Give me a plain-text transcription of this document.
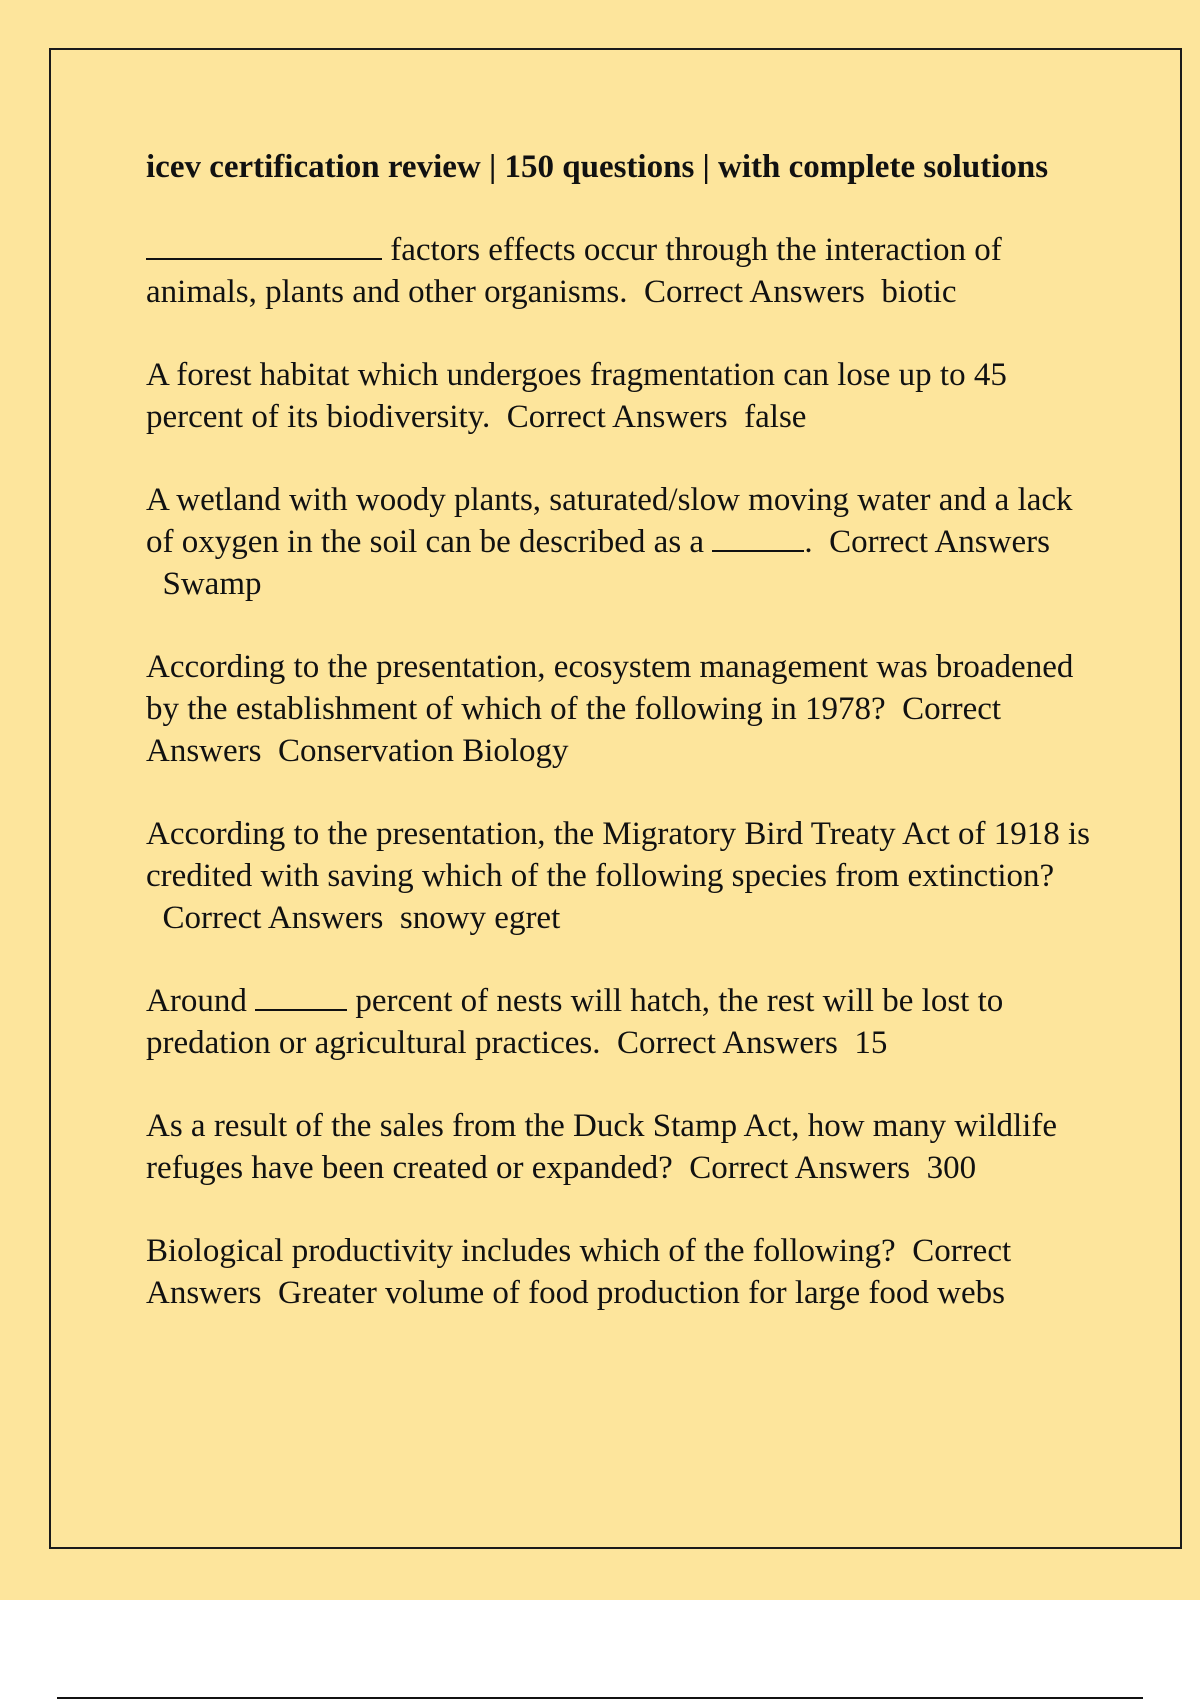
icev certification review | 150 questions | with complete solutions
factors effects occur through the interaction of animals, plants and other organisms. Correct Answers biotic
A forest habitat which undergoes fragmentation can lose up to 45 percent of its biodiversity. Correct Answers false
A wetland with woody plants, saturated/slow moving water and a lack of oxygen in the soil can be described as a	. Correct Answers  Swamp
According to the presentation, ecosystem management was broadened by the establishment of which of the following in 1978? Correct Answers Conservation Biology
According to the presentation, the Migratory Bird Treaty Act of 1918 is credited with saving which of the following species from extinction?  Correct Answers snowy egret
Around	percent of nests will hatch, the rest will be lost to predation or agricultural practices. Correct Answers 15
As a result of the sales from the Duck Stamp Act, how many wildlife refuges have been created or expanded? Correct Answers 300
Biological productivity includes which of the following? Correct Answers Greater volume of food production for large food webs
